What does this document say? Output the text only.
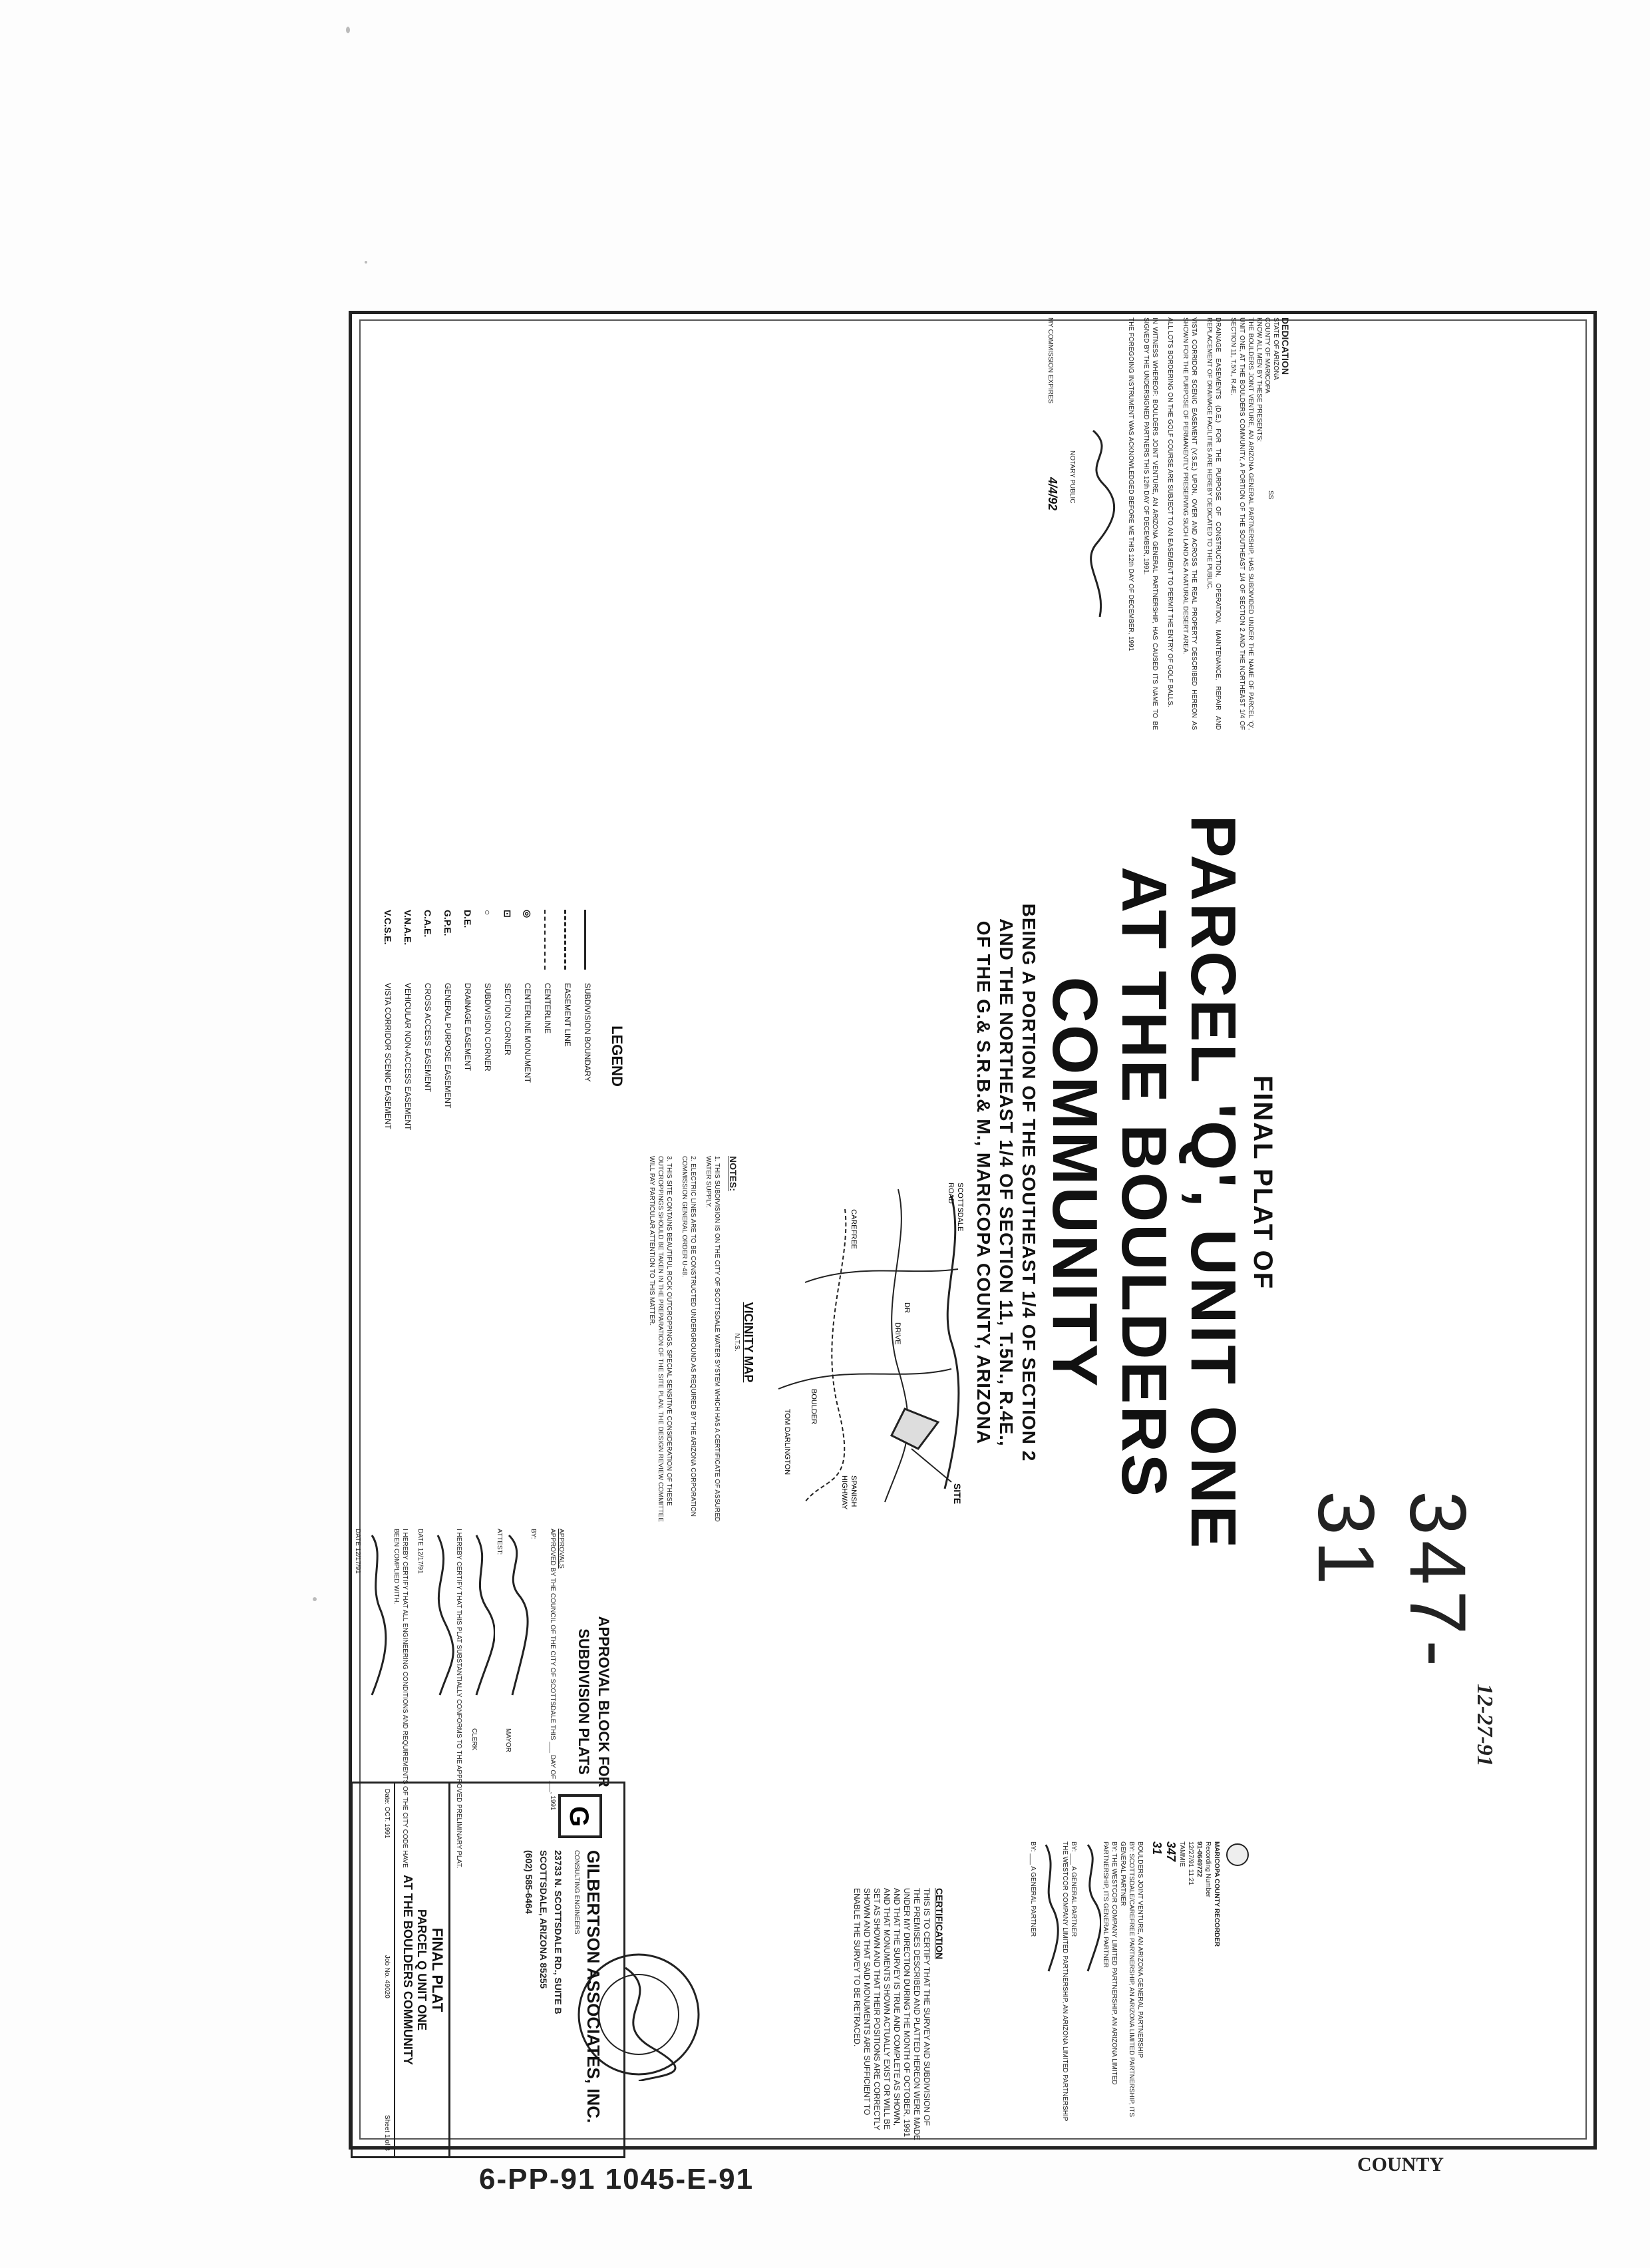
347-31
12-27-91
FINAL PLAT OF
PARCEL 'Q', UNIT ONE
AT THE BOULDERS COMMUNITY
BEING A PORTION OF THE SOUTHEAST 1/4 OF SECTION 2
AND THE NORTHEAST 1/4 OF SECTION 11, T.5N., R.4E.,
OF THE G.& S.R.B.& M., MARICOPA COUNTY, ARIZONA
DEDICATION
STATE OF ARIZONA
COUNTY OF MARICOPA
SS
KNOW ALL MEN BY THESE PRESENTS:

THE BOULDERS JOINT VENTURE, AN ARIZONA GENERAL PARTNERSHIP, HAS SUBDIVIDED UNDER THE NAME OF PARCEL 'Q', UNIT ONE, AT THE BOULDERS COMMUNITY, A PORTION OF THE SOUTHEAST 1/4 OF SECTION 2 AND THE NORTHEAST 1/4 OF SECTION 11, T.5N., R.4E.

DRAINAGE EASEMENTS (D.E.) FOR THE PURPOSE OF CONSTRUCTION, OPERATION, MAINTENANCE, REPAIR AND REPLACEMENT OF DRAINAGE FACILITIES ARE HEREBY DEDICATED TO THE PUBLIC.

VISTA CORRIDOR SCENIC EASEMENT (V.S.E.) UPON, OVER AND ACROSS THE REAL PROPERTY DESCRIBED HEREON AS SHOWN FOR THE PURPOSE OF PERMANENTLY PRESERVING SUCH LAND AS A NATURAL DESERT AREA.

ALL LOTS BORDERING ON THE GOLF COURSE ARE SUBJECT TO AN EASEMENT TO PERMIT THE ENTRY OF GOLF BALLS.

IN WITNESS WHEREOF: BOULDERS JOINT VENTURE, AN ARIZONA GENERAL PARTNERSHIP, HAS CAUSED ITS NAME TO BE SIGNED BY THE UNDERSIGNED PARTNERS THIS 12th DAY OF DECEMBER, 1991.

THE FOREGOING INSTRUMENT WAS ACKNOWLEDGED BEFORE ME THIS 12th DAY OF DECEMBER, 1991

NOTARY PUBLIC
MY COMMISSION EXPIRES
4/4/92
LEGEND
SUBDIVISION BOUNDARY
EASEMENT LINE
CENTERLINE
◎
CENTERLINE MONUMENT
⊡
SECTION CORNER
○
SUBDIVISION CORNER
D.E.
DRAINAGE EASEMENT
G.P.E.
GENERAL PURPOSE EASEMENT
C.A.E.
CROSS ACCESS EASEMENT
V.N.A.E.
VEHICULAR NON-ACCESS EASEMENT
V.C.S.E.
VISTA CORRIDOR SCENIC EASEMENT
SITE
SCOTTSDALE
ROAD
DR
DRIVE
CAREFREE
BOULDER
TOM DARLINGTON
SPANISH
HIGHWAY
VICINITY MAP
N.T.S.
NOTES:

1. THIS SUBDIVISION IS ON THE CITY OF SCOTTSDALE WATER SYSTEM WHICH HAS A CERTIFICATE OF ASSURED WATER SUPPLY.

2. ELECTRIC LINES ARE TO BE CONSTRUCTED UNDERGROUND AS REQUIRED BY THE ARIZONA CORPORATION COMMISSION GENERAL ORDER U-48.

3. THIS SITE CONTAINS BEAUTIFUL ROCK OUTCROPPINGS. SPECIAL SENSITIVE CONSIDERATION OF THESE OUTCROPPINGS SHOULD BE TAKEN IN THE PREPARATION OF THE SITE PLAN. THE DESIGN REVIEW COMMITTEE WILL PAY PARTICULAR ATTENTION TO THIS MATTER.

APPROVAL BLOCK FOR
SUBDIVISION PLATS
APPROVALS
APPROVED BY THE COUNCIL OF THE CITY OF SCOTTSDALE THIS ___ DAY OF ___, 1991
BY:
MAYOR
ATTEST:
CLERK
I HEREBY CERTIFY THAT THIS PLAT SUBSTANTIALLY CONFORMS TO THE APPROVED PRELIMINARY PLAT.
DATE 12/17/91
I HEREBY CERTIFY THAT ALL ENGINEERING CONDITIONS AND REQUIREMENTS OF THE CITY CODE HAVE BEEN COMPLIED WITH.
DATE 12/17/91
MARICOPA COUNTY RECORDER
Recording Number
91-0649722
12/27/91 11:21
TAMMIE
347
31
BOULDERS JOINT VENTURE, AN ARIZONA GENERAL PARTNERSHIP
BY: SCOTTSDALE/CAREFREE PARTNERSHIP, AN ARIZONA LIMITED PARTNERSHIP, ITS GENERAL PARTNER
BY: THE WESTCOR COMPANY LIMITED PARTNERSHIP, AN ARIZONA LIMITED PARTNERSHIP, ITS GENERAL PARTNER
BY: ___ A GENERAL PARTNER
THE WESTCOR COMPANY LIMITED PARTNERSHIP, AN ARIZONA LIMITED PARTNERSHIP
BY: ___ A GENERAL PARTNER
CERTIFICATION
THIS IS TO CERTIFY THAT THE SURVEY AND SUBDIVISION OF THE PREMISES DESCRIBED AND PLATTED HEREON WERE MADE UNDER MY DIRECTION DURING THE MONTH OF OCTOBER, 1991 AND THAT THE SURVEY IS TRUE AND COMPLETE AS SHOWN, AND THAT MONUMENTS SHOWN ACTUALLY EXIST OR WILL BE SET AS SHOWN AND THAT THEIR POSITIONS ARE CORRECTLY SHOWN AND THAT SAID MONUMENTS ARE SUFFICIENT TO ENABLE THE SURVEY TO BE RETRACED.
G
GILBERTSON ASSOCIATES, INC.
CONSULTING ENGINEERS
23733 N. SCOTTSDALE RD., SUITE B
SCOTTSDALE, ARIZONA 85255
(602) 585-6464
FINAL PLAT
PARCEL Q UNIT ONE
AT THE BOULDERS COMMUNITY
Date: OCT. 1991
Job No. 49020
Sheet 1 of 3
6-PP-91 1045-E-91	COUNTY
